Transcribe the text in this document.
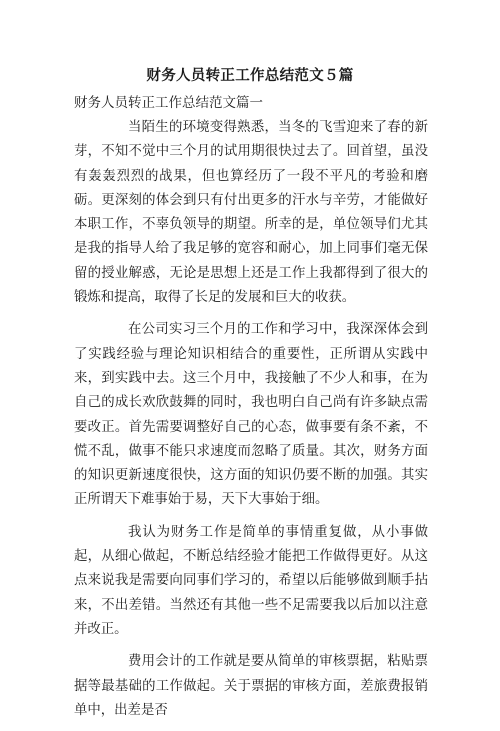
财务人员转正工作总结范文５篇
财务人员转正工作总结范文篇一

当陌生的环境变得熟悉，当冬的飞雪迎来了春的新芽，不知不觉中三个月的试用期很快过去了。回首望，虽没有轰轰烈烈的战果，但也算经历了一段不平凡的考验和磨砺。更深刻的体会到只有付出更多的汗水与辛劳，才能做好本职工作，不辜负领导的期望。所幸的是，单位领导们尤其是我的指导人给了我足够的宽容和耐心，加上同事们毫无保留的授业解惑，无论是思想上还是工作上我都得到了很大的锻炼和提高，取得了长足的发展和巨大的收获。

在公司实习三个月的工作和学习中，我深深体会到了实践经验与理论知识相结合的重要性，正所谓从实践中来，到实践中去。这三个月中，我接触了不少人和事，在为自己的成长欢欣鼓舞的同时，我也明白自己尚有许多缺点需要改正。首先需要调整好自己的心态，做事要有条不紊，不慌不乱，做事不能只求速度而忽略了质量。其次，财务方面的知识更新速度很快，这方面的知识仍要不断的加强。其实正所谓天下难事始于易，天下大事始于细。

我认为财务工作是简单的事情重复做，从小事做起，从细心做起，不断总结经验才能把工作做得更好。从这点来说我是需要向同事们学习的，希望以后能够做到顺手拈来，不出差错。当然还有其他一些不足需要我以后加以注意并改正。

费用会计的工作就是要从简单的审核票据，粘贴票据等最基础的工作做起。关于票据的审核方面，差旅费报销单中，出差是否
